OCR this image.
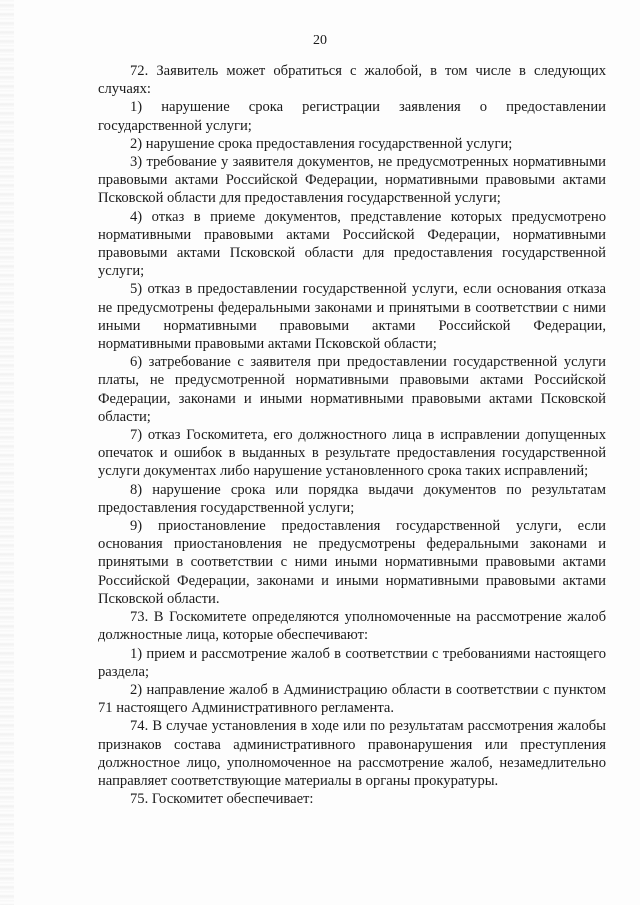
20

72. Заявитель может обратиться с жалобой, в том числе в следующих случаях:

1) нарушение срока регистрации заявления о предоставлении государственной услуги;

2) нарушение срока предоставления государственной услуги;

3) требование у заявителя документов, не предусмотренных нормативными правовыми актами Российской Федерации, нормативными правовыми актами Псковской области для предоставления государственной услуги;

4) отказ в приеме документов, представление которых предусмотрено нормативными правовыми актами Российской Федерации, нормативными правовыми актами Псковской области для предоставления государственной услуги;

5) отказ в предоставлении государственной услуги, если основания отказа не предусмотрены федеральными законами и принятыми в соответствии с ними иными нормативными правовыми актами Российской Федерации, нормативными правовыми актами Псковской области;

6) затребование с заявителя при предоставлении государственной услуги платы, не предусмотренной нормативными правовыми актами Российской Федерации, законами и иными нормативными правовыми актами Псковской области;

7) отказ Госкомитета, его должностного лица в исправлении допущенных опечаток и ошибок в выданных в результате предоставления государственной услуги документах либо нарушение установленного срока таких исправлений;

8) нарушение срока или порядка выдачи документов по результатам предоставления государственной услуги;

9) приостановление предоставления государственной услуги, если основания приостановления не предусмотрены федеральными законами и принятыми в соответствии с ними иными нормативными правовыми актами Российской Федерации, законами и иными нормативными правовыми актами Псковской области.

73. В Госкомитете определяются уполномоченные на рассмотрение жалоб должностные лица, которые обеспечивают:

1) прием и рассмотрение жалоб в соответствии с требованиями настоящего раздела;

2) направление жалоб в Администрацию области в соответствии с пунктом 71 настоящего Административного регламента.

74. В случае установления в ходе или по результатам рассмотрения жалобы признаков состава административного правонарушения или преступления должностное лицо, уполномоченное на рассмотрение жалоб, незамедлительно направляет соответствующие материалы в органы прокуратуры.

75. Госкомитет обеспечивает:
